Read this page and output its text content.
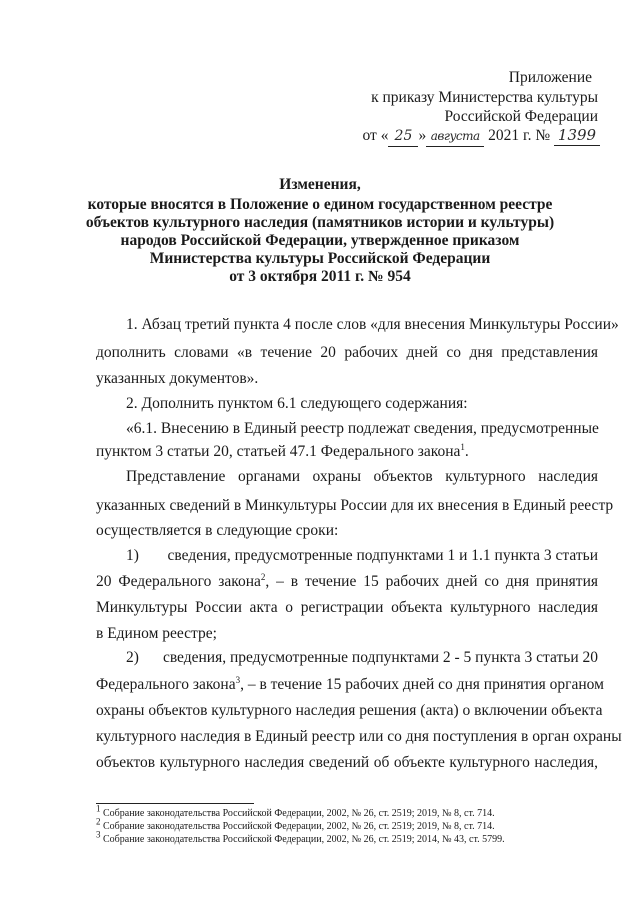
Приложение
к приказу Министерства культуры
Российской Федерации
от « 25 » августа 2021 г. № 1399
Изменения,
которые вносятся в Положение о едином государственном реестре
объектов культурного наследия (памятников истории и культуры)
народов Российской Федерации, утвержденное приказом
Министерства культуры Российской Федерации
от 3 октября 2011 г. № 954
1. Абзац третий пункта 4 после слов «для внесения Минкультуры России»
дополнить словами «в течение 20 рабочих дней со дня представления
указанных документов».
2. Дополнить пунктом 6.1 следующего содержания:
«6.1. Внесению в Единый реестр подлежат сведения, предусмотренные
пунктом 3 статьи 20, статьей 47.1 Федерального закона$^1$.
Представление органами охраны объектов культурного наследия
указанных сведений в Минкультуры России для их внесения в Единый реестр
осуществляется в следующие сроки:
1)	сведения, предусмотренные подпунктами 1 и 1.1 пункта 3 статьи
20 Федерального закона$^2$, – в течение 15 рабочих дней со дня принятия
Минкультуры России акта о регистрации объекта культурного наследия
в Едином реестре;
2)	сведения, предусмотренные подпунктами 2 - 5 пункта 3 статьи 20
Федерального закона$^3$, – в течение 15 рабочих дней со дня принятия органом
охраны объектов культурного наследия решения (акта) о включении объекта
культурного наследия в Единый реестр или со дня поступления в орган охраны
объектов культурного наследия сведений об объекте культурного наследия,
$^1$ Собрание законодательства Российской Федерации, 2002, № 26, ст. 2519; 2019, № 8, ст. 714.
$^2$ Собрание законодательства Российской Федерации, 2002, № 26, ст. 2519; 2019, № 8, ст. 714.
$^3$ Собрание законодательства Российской Федерации, 2002, № 26, ст. 2519; 2014, № 43, ст. 5799.
